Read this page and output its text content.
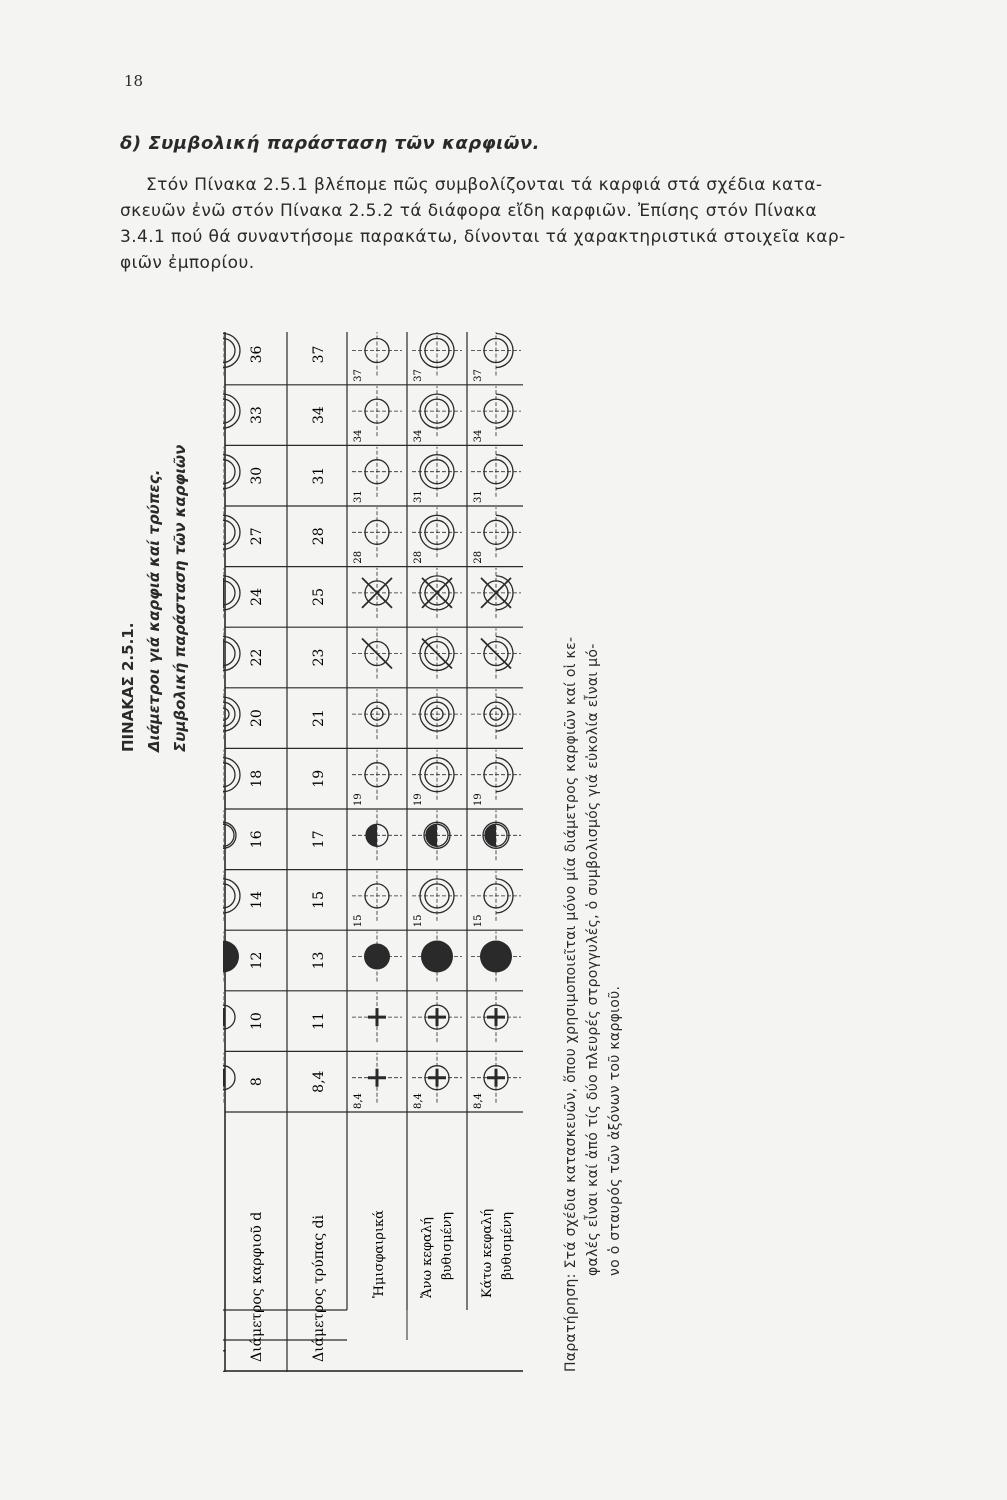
18
δ) Συμβολική παράσταση τῶν καρφιῶν.

Στόν Πίνακα 2.5.1 βλέπομε πῶς συμβολίζονται τά καρφιά στά σχέδια κατα-

σκευῶν ἐνῶ στόν Πίνακα 2.5.2 τά διάφορα εἴδη καρφιῶν. Ἐπίσης στόν Πίνακα

3.4.1 πού θά συναντήσομε παρακάτω, δίνονται τά χαρακτηριστικά στοιχεῖα καρ-

φιῶν ἐμπορίου.

ΠΙΝΑΚΑΣ 2.5.1. Διάμετροι γιά καρφιά καί τρύπες. Συμβολική παράσταση τῶν καρφιῶν
Διάμετρος καρφιοῦ d	Διάμετρος τρύπας di
Συμβολισμοί
Βυθισμένων
κεφαλῶν
Ἡμισφαιρικά	Ἄνω κεφαλή βυθισμένη Κάτω κεφαλή βυθισμένη
8
10
12
14
16
18
20
22
24
27
30
33
36
8,4
11
13
15
17
19
21
23
25
28
31
34
37
8,4
15
19
28
31
34
37
8,4
15
19
28
31
34
37
8,4
15
19
28
31
34
37

Παρατήρηση: Στά σχέδια κατασκευῶν, ὅπου χρησιμοποιεῖται μόνο μία διάμετρος καρφιῶν καί οἱ κε- φαλές εἶναι καί ἀπό τίς δύο πλευρές στρογγυλές, ὁ συμβολισμός γιά εὐκολία εἶναι μό- νο ὁ σταυρός τῶν ἀξόνων τοῦ καρφιοῦ.
